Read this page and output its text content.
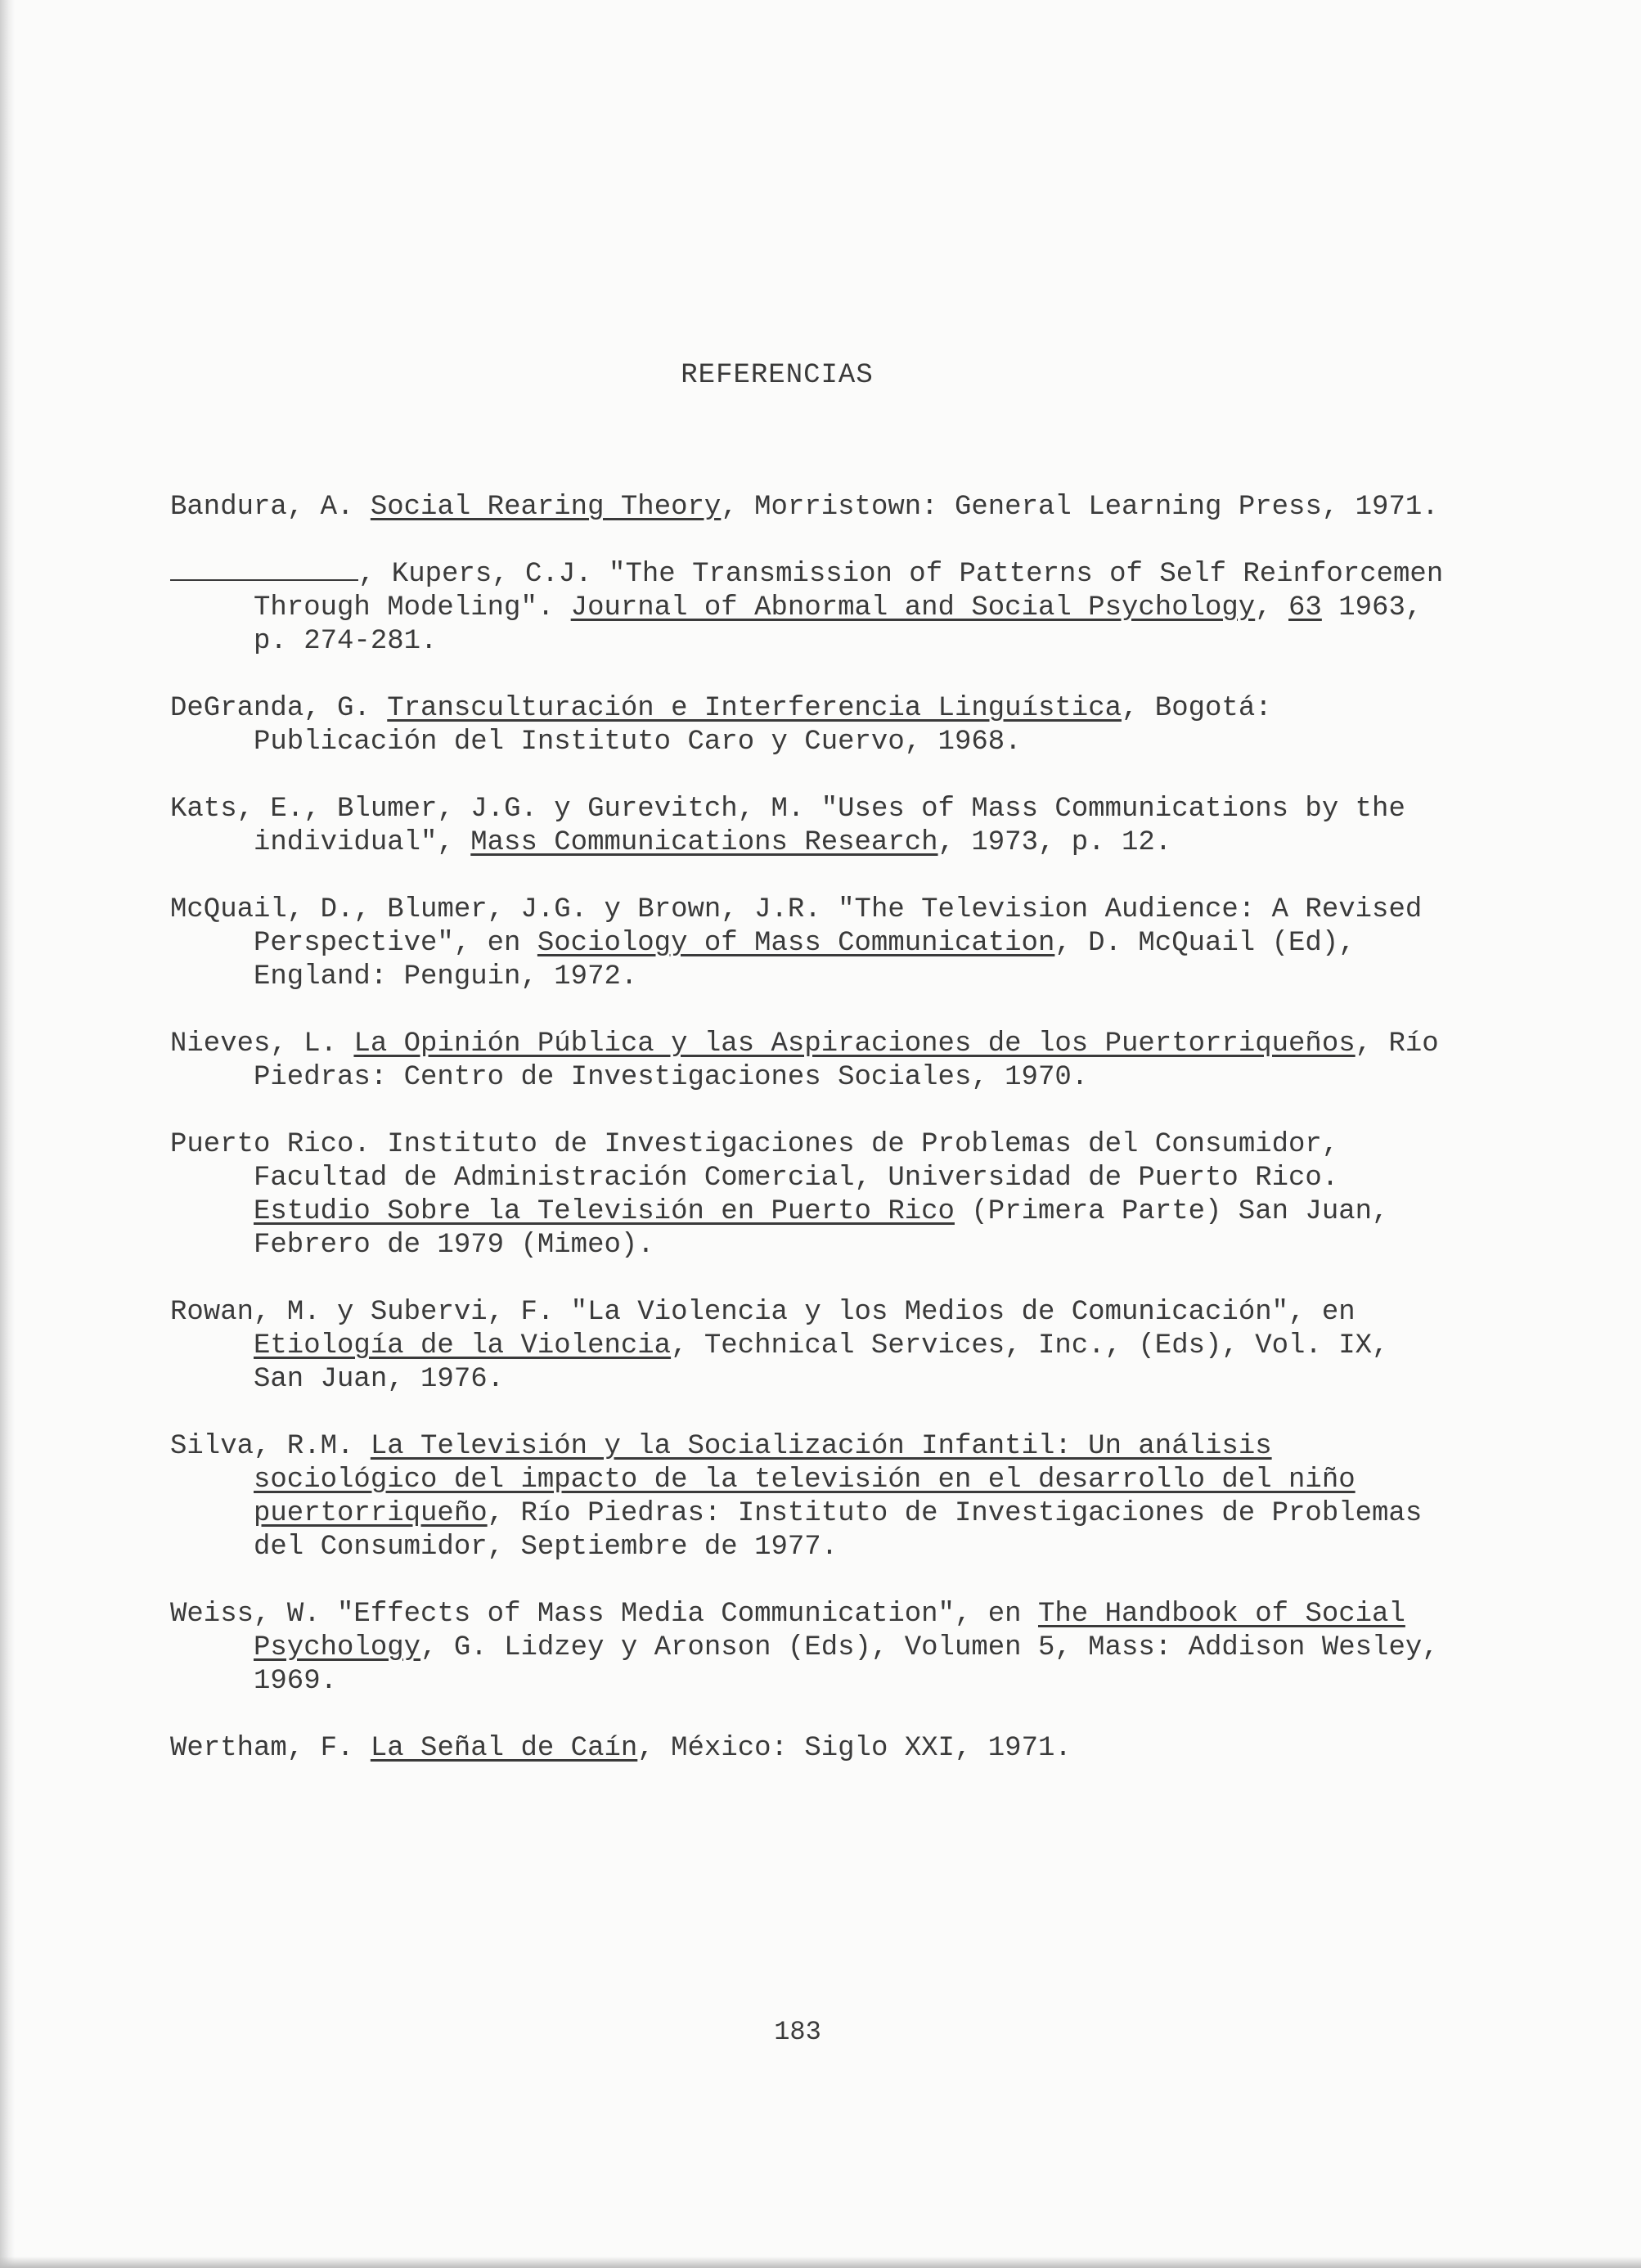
REFERENCIAS

Bandura, A. Social Rearing Theory, Morristown: General Learning Press, 1971.

, Kupers, C.J. "The Transmission of Patterns of Self Reinforcemen Through Modeling". Journal of Abnormal and Social Psychology, 63 1963, p. 274-281.

DeGranda, G. Transculturación e Interferencia Linguística, Bogotá: Publicación del Instituto Caro y Cuervo, 1968.

Kats, E., Blumer, J.G. y Gurevitch, M. "Uses of Mass Communications by the individual", Mass Communications Research, 1973, p. 12.

McQuail, D., Blumer, J.G. y Brown, J.R. "The Television Audience: A Revised Perspective", en Sociology of Mass Communication, D. McQuail (Ed), England: Penguin, 1972.

Nieves, L. La Opinión Pública y las Aspiraciones de los Puertorriqueños, Río Piedras: Centro de Investigaciones Sociales, 1970.

Puerto Rico. Instituto de Investigaciones de Problemas del Consumidor, Facultad de Administración Comercial, Universidad de Puerto Rico. Estudio Sobre la Televisión en Puerto Rico (Primera Parte) San Juan, Febrero de 1979 (Mimeo).

Rowan, M. y Subervi, F. "La Violencia y los Medios de Comunicación", en Etiología de la Violencia, Technical Services, Inc., (Eds), Vol. IX, San Juan, 1976.

Silva, R.M. La Televisión y la Socialización Infantil: Un análisis sociológico del impacto de la televisión en el desarrollo del niño puertorriqueño, Río Piedras: Instituto de Investigaciones de Problemas del Consumidor, Septiembre de 1977.

Weiss, W. "Effects of Mass Media Communication", en The Handbook of Social Psychology, G. Lidzey y Aronson (Eds), Volumen 5, Mass: Addison Wesley, 1969.

Wertham, F. La Señal de Caín, México: Siglo XXI, 1971.

183
